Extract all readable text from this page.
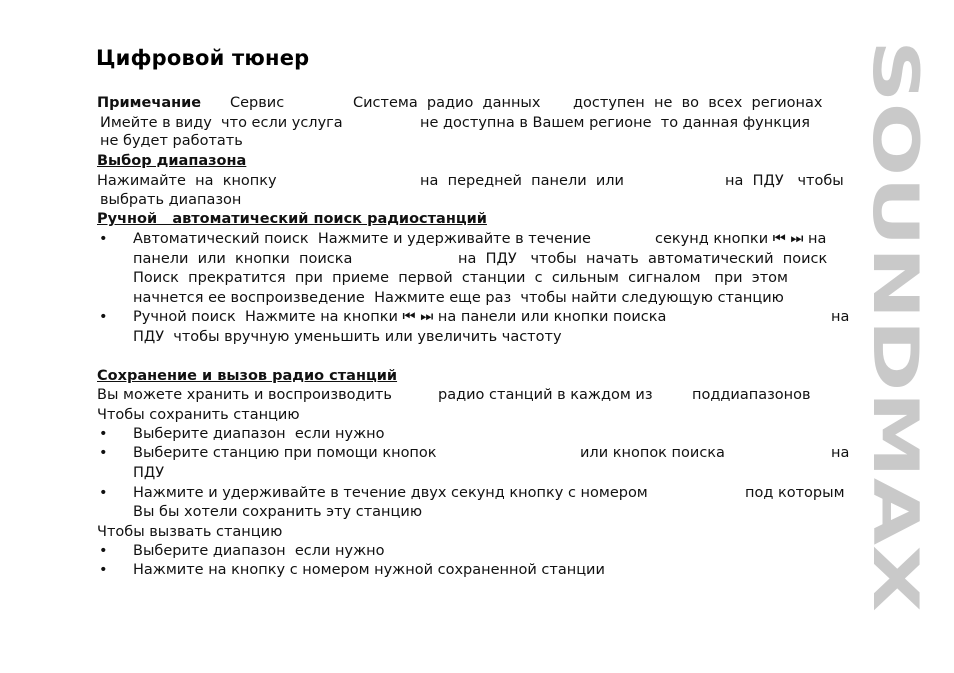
Цифровой тюнер	SOUNDMAX
Примечание Сервис	Система  радио  данных доступен  не  во  всех  регионах
Имейте в виду  что если услуга	не доступна в Вашем регионе  то данная функция
не будет работать
Выбор диапазона
Нажимайте  на  кнопку	на  передней  панели  или	на  ПДУ   чтобы
выбрать диапазон
Ручной   автоматический поиск радиостанций
• Автоматический поиск  Нажмите и удерживайте в течение	секунд кнопки ⏮ ⏭ на
панели  или  кнопки  поиска	на  ПДУ   чтобы  начать  автоматический  поиск
Поиск  прекратится  при  приеме  первой  станции  с  сильным  сигналом   при  этом
начнется ее воспроизведение  Нажмите еще раз  чтобы найти следующую станцию
• Ручной поиск  Нажмите на кнопки ⏮ ⏭ на панели или кнопки поиска	на
ПДУ  чтобы вручную уменьшить или увеличить частоту
Сохранение и вызов радио станций
Вы можете хранить и воспроизводить	радио станций в каждом из	поддиапазонов
Чтобы сохранить станцию
• Выберите диапазон  если нужно
• Выберите станцию при помощи кнопок	или кнопок поиска	на
ПДУ
• Нажмите и удерживайте в течение двух секунд кнопку с номером	под которым
Вы бы хотели сохранить эту станцию
Чтобы вызвать станцию
• Выберите диапазон  если нужно
• Нажмите на кнопку с номером нужной сохраненной станции
